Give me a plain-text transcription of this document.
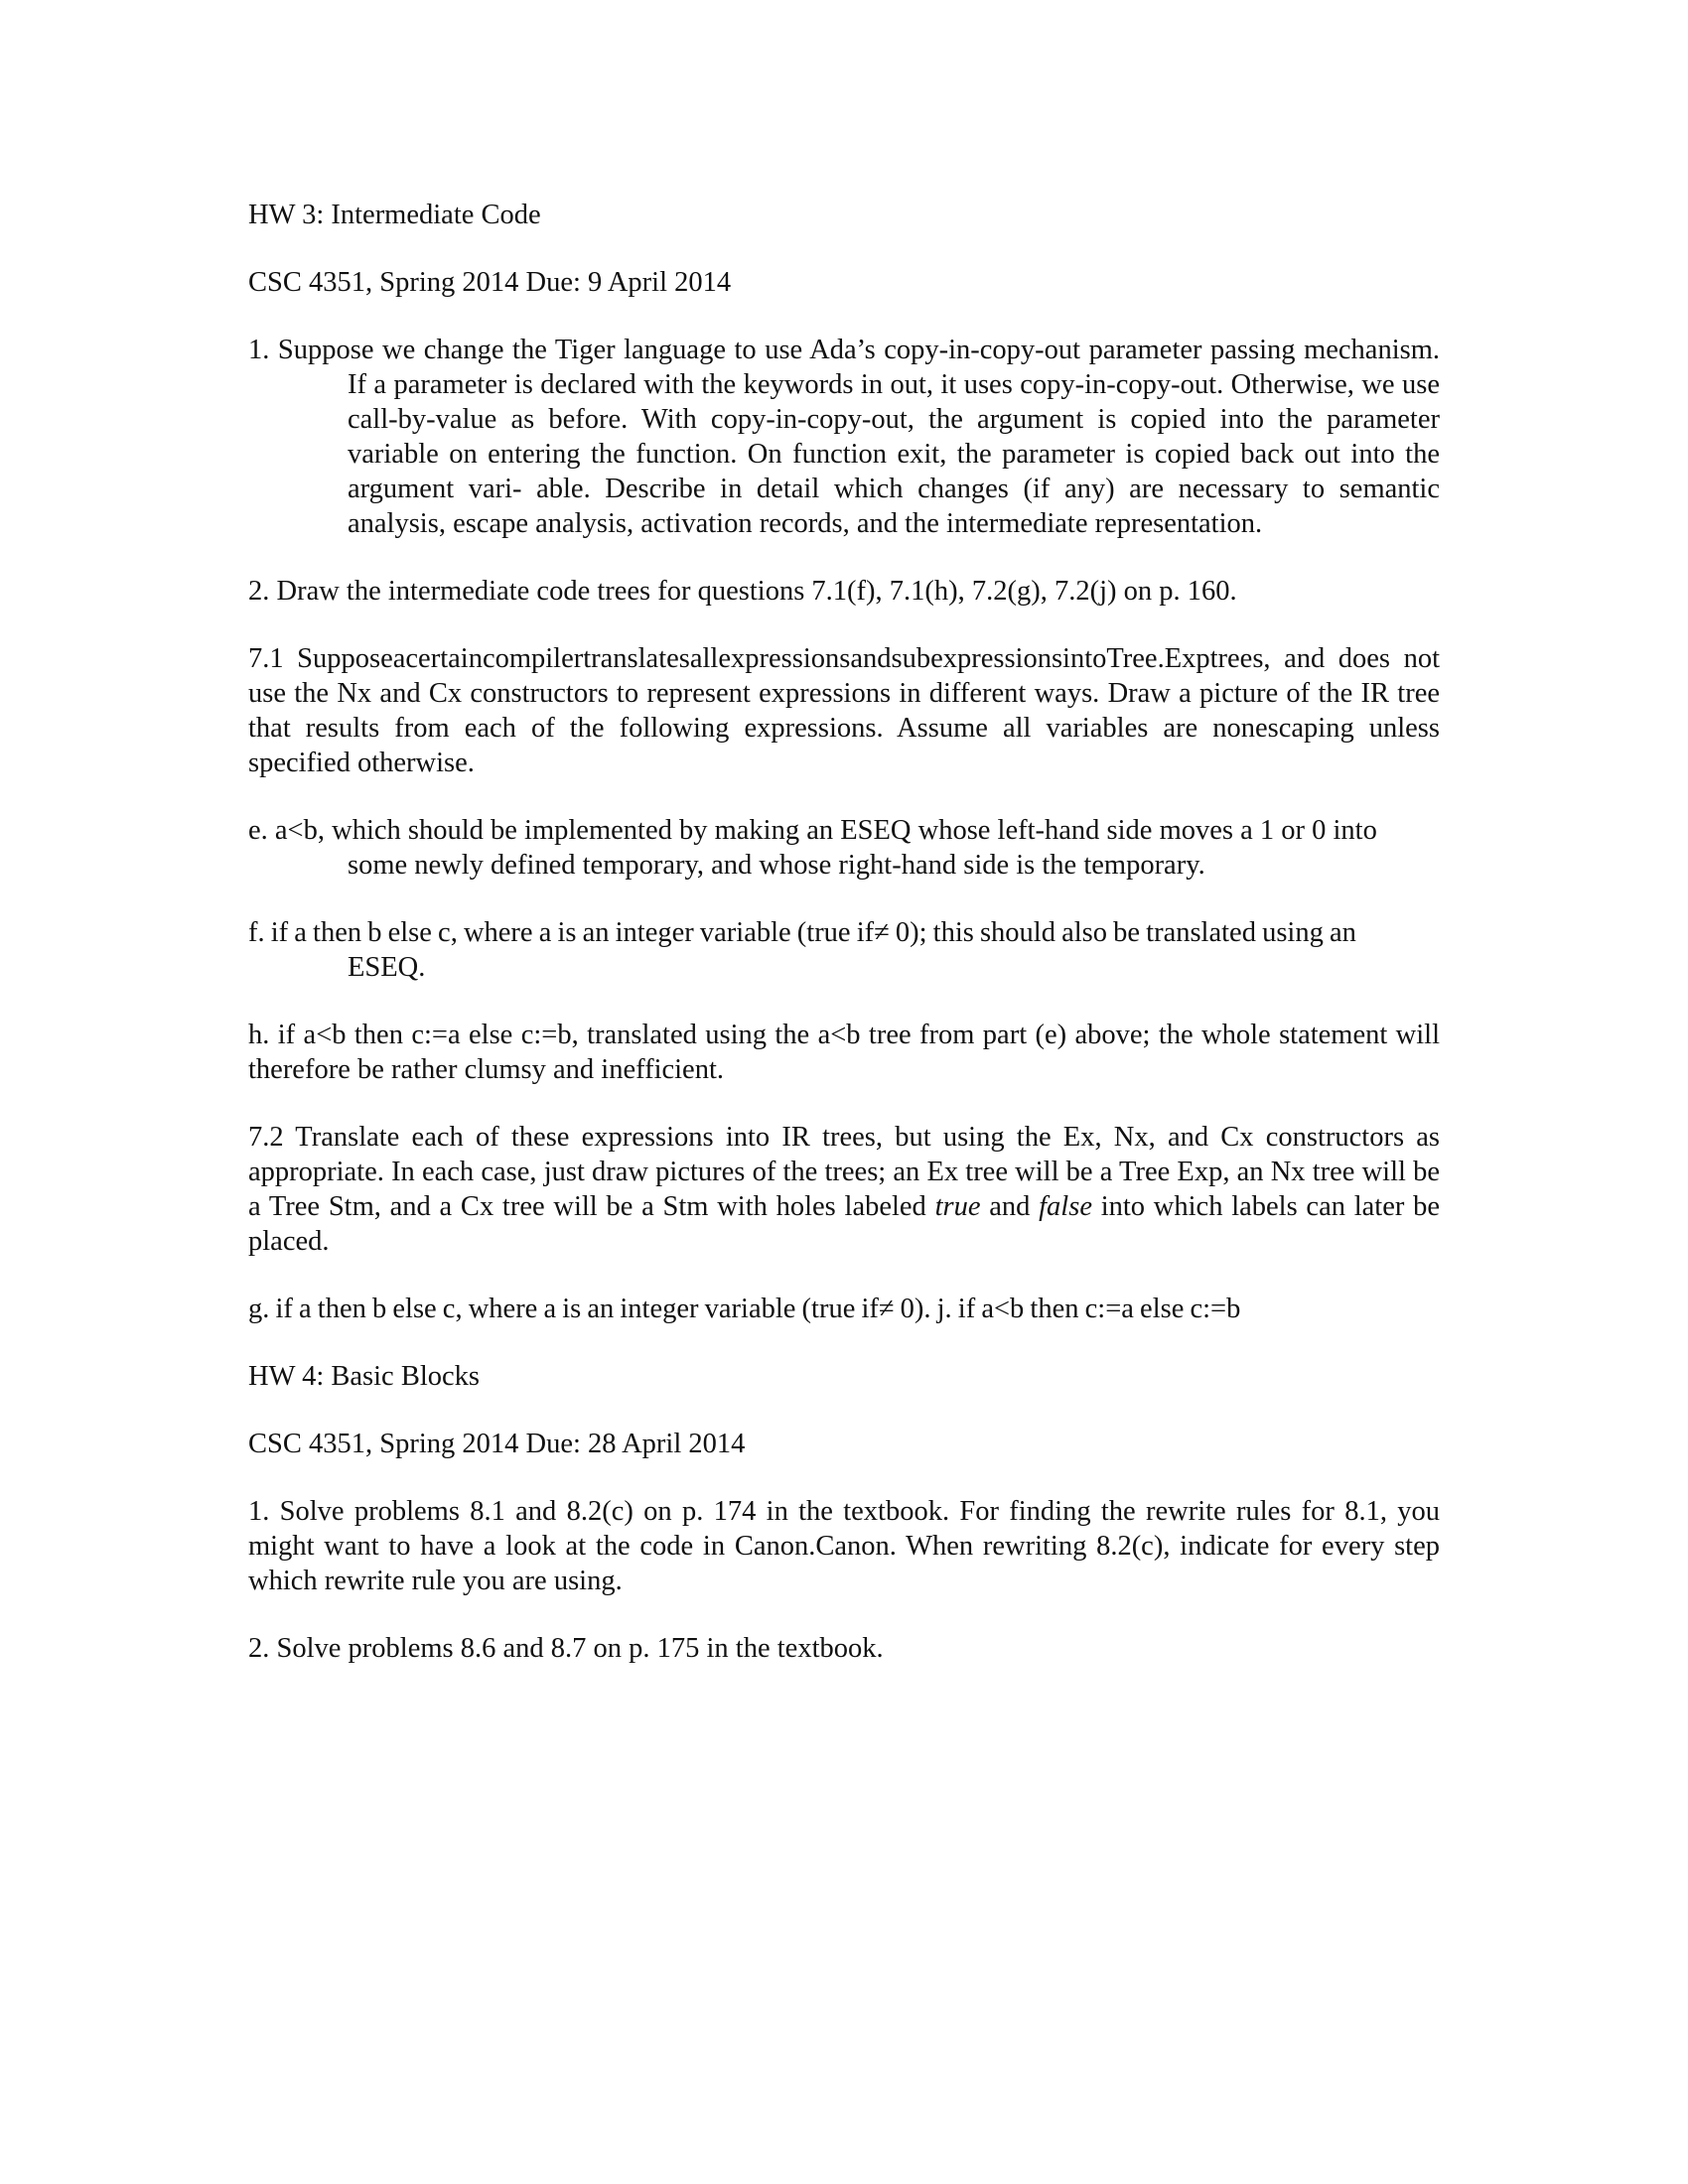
HW 3: Intermediate Code

CSC 4351, Spring 2014 Due: 9 April 2014

1. Suppose we change the Tiger language to use Ada’s copy-in-copy-out parameter passing mechanism. If a parameter is declared with the keywords in out, it uses copy-in-copy-out. Otherwise, we use call-by-value as before. With copy-in-copy-out, the argument is copied into the parameter variable on entering the function. On function exit, the parameter is copied back out into the argument vari- able. Describe in detail which changes (if any) are necessary to semantic analysis, escape analysis, activation records, and the intermediate representation.

2. Draw the intermediate code trees for questions 7.1(f), 7.1(h), 7.2(g), 7.2(j) on p. 160.

7.1 SupposeacertaincompilertranslatesallexpressionsandsubexpressionsintoTree.Exptrees, and does not use the Nx and Cx constructors to represent expressions in different ways. Draw a picture of the IR tree that results from each of the following expressions. Assume all variables are nonescaping unless specified otherwise.

e. a<b, which should be implemented by making an ESEQ whose left-hand side moves a 1 or 0 into some newly defined temporary, and whose right-hand side is the temporary.

f. if a then b else c, where a is an integer variable (true if≠ 0); this should also be translated using an ESEQ.

h. if a<b then c:=a else c:=b, translated using the a<b tree from part (e) above; the whole statement will therefore be rather clumsy and inefficient.

7.2 Translate each of these expressions into IR trees, but using the Ex, Nx, and Cx constructors as appropriate. In each case, just draw pictures of the trees; an Ex tree will be a Tree Exp, an Nx tree will be a Tree Stm, and a Cx tree will be a Stm with holes labeled true and false into which labels can later be placed.

g. if a then b else c, where a is an integer variable (true if≠ 0). j. if a<b then c:=a else c:=b

HW 4: Basic Blocks

CSC 4351, Spring 2014 Due: 28 April 2014

1. Solve problems 8.1 and 8.2(c) on p. 174 in the textbook. For finding the rewrite rules for 8.1, you might want to have a look at the code in Canon.Canon. When rewriting 8.2(c), indicate for every step which rewrite rule you are using.

2. Solve problems 8.6 and 8.7 on p. 175 in the textbook.
